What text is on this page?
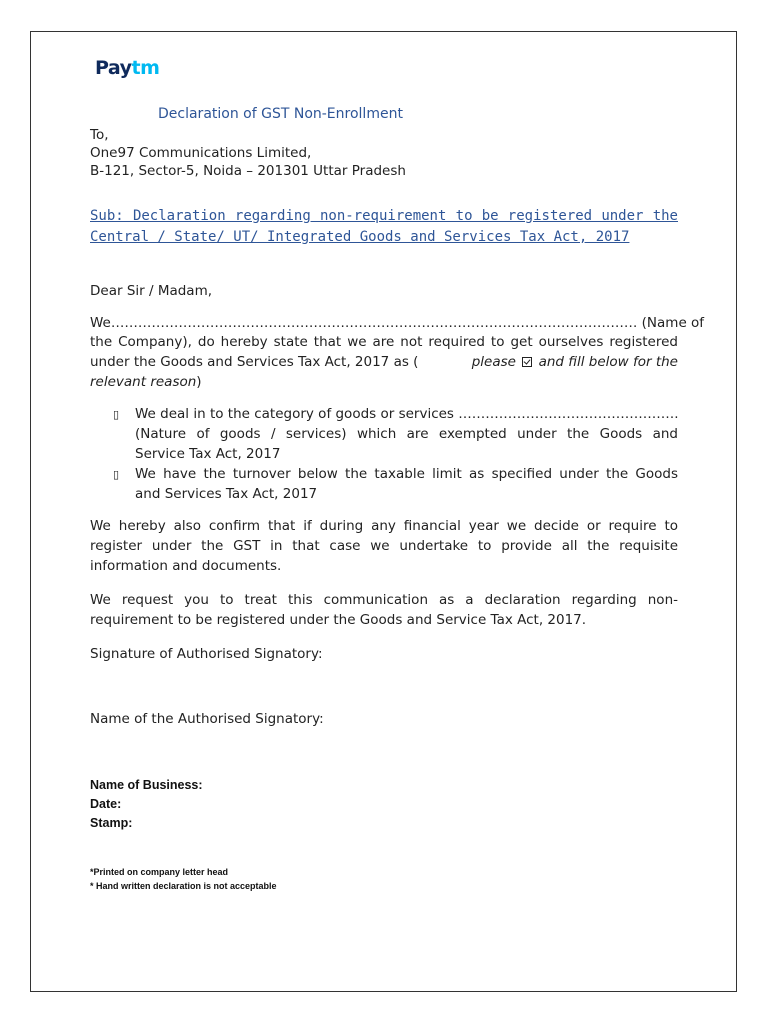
Paytm
Declaration of GST Non-Enrollment
To,
One97 Communications Limited,
B-121, Sector-5, Noida – 201301 Uttar Pradesh
Sub: Declaration regarding non-requirement to be registered under the
Central / State/ UT/ Integrated Goods and Services Tax Act, 2017
Dear Sir / Madam,
We……………………………………………………………………………………………………… (Name of
the Company), do hereby state that we are not required to get ourselves registered
under the Goods and Services Tax Act, 2017 as (	please and fill below for the
relevant reason)
▯ We deal in to the category of goods or services ………………………………………….
(Nature of goods / services) which are exempted under the Goods and
Service Tax Act, 2017
▯ We have the turnover below the taxable limit as specified under the Goods
and Services Tax Act, 2017
We hereby also confirm that if during any financial year we decide or require to
register under the GST in that case we undertake to provide all the requisite
information and documents.
We request you to treat this communication as a declaration regarding non-
requirement to be registered under the Goods and Service Tax Act, 2017.
Signature of Authorised Signatory:
Name of the Authorised Signatory:
Name of Business:
Date:
Stamp:
*Printed on company letter head
* Hand written declaration is not acceptable
